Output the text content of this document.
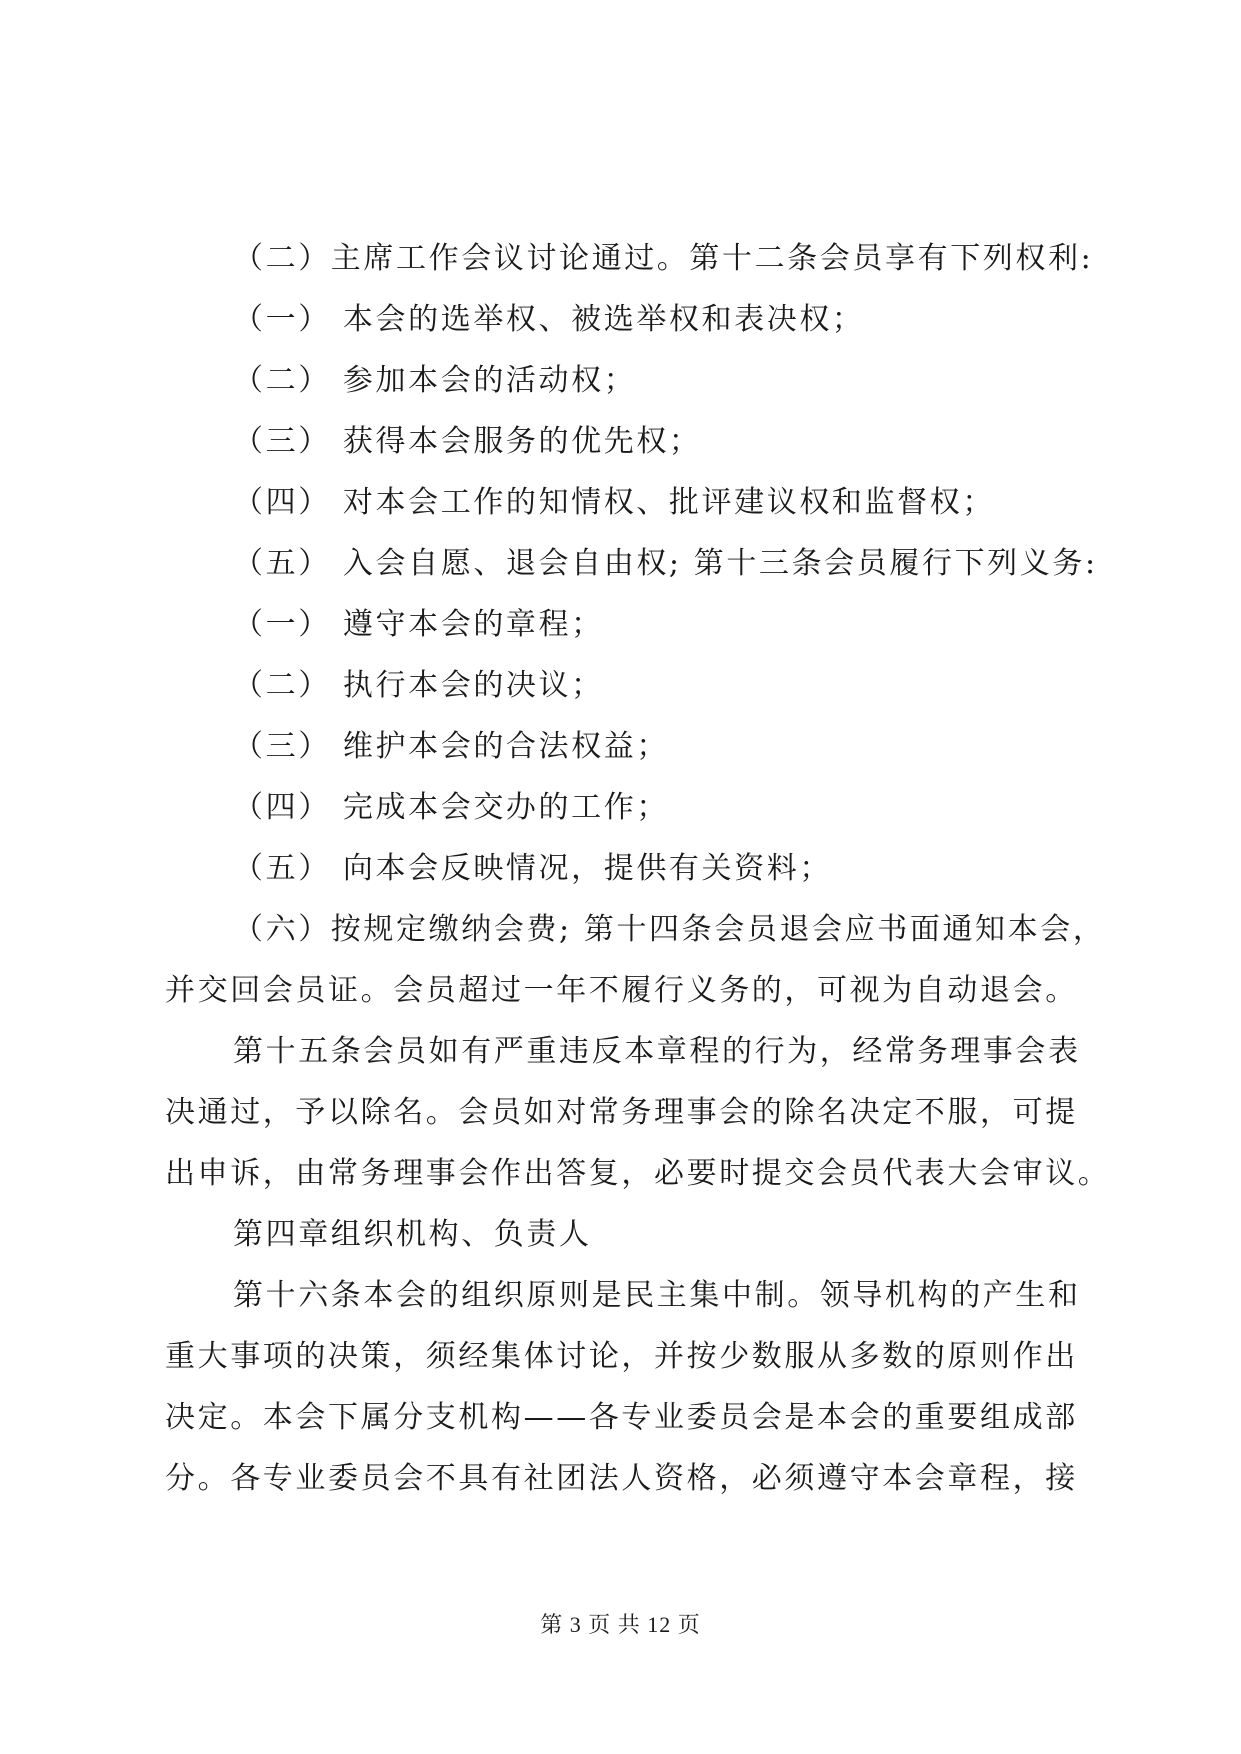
（二）主席工作会议讨论通过。第十二条会员享有下列权利:
（一） 本会的选举权、被选举权和表决权；
（二） 参加本会的活动权；
（三） 获得本会服务的优先权；
（四） 对本会工作的知情权、批评建议权和监督权；
（五） 入会自愿、退会自由权; 第十三条会员履行下列义务:
（一） 遵守本会的章程；
（二） 执行本会的决议；
（三） 维护本会的合法权益；
（四） 完成本会交办的工作；
（五） 向本会反映情况，提供有关资料；
（六）按规定缴纳会费; 第十四条会员退会应书面通知本会，
并交回会员证。会员超过一年不履行义务的，可视为自动退会。
第十五条会员如有严重违反本章程的行为，经常务理事会表
决通过，予以除名。会员如对常务理事会的除名决定不服，可提
出申诉，由常务理事会作出答复，必要时提交会员代表大会审议。
第四章组织机构、负责人
第十六条本会的组织原则是民主集中制。领导机构的产生和
重大事项的决策，须经集体讨论，并按少数服从多数的原则作出
决定。本会下属分支机构——各专业委员会是本会的重要组成部
分。各专业委员会不具有社团法人资格，必须遵守本会章程，接
第 3 页 共 12 页
